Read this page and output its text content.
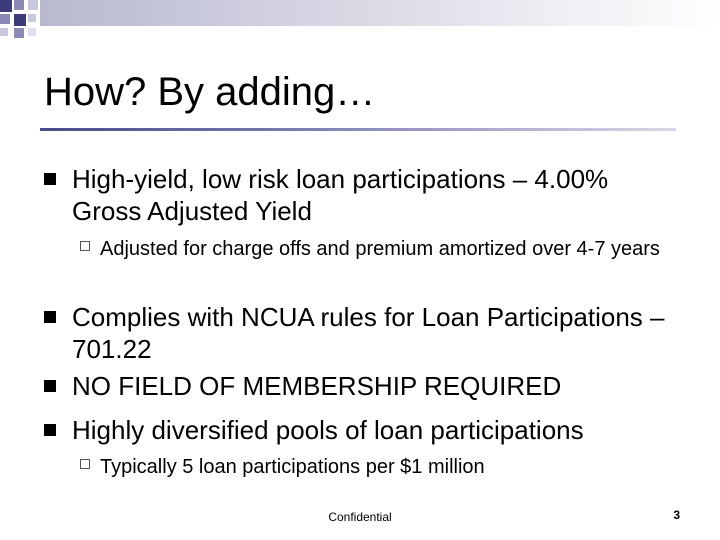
How? By adding…
High-yield, low risk loan participations – 4.00% Gross Adjusted Yield
Adjusted for charge offs and premium amortized over 4-7 years
Complies with NCUA rules for Loan Participations – 701.22
NO FIELD OF MEMBERSHIP REQUIRED
Highly diversified pools of loan participations
Typically 5 loan participations per $1 million
Confidential	3
